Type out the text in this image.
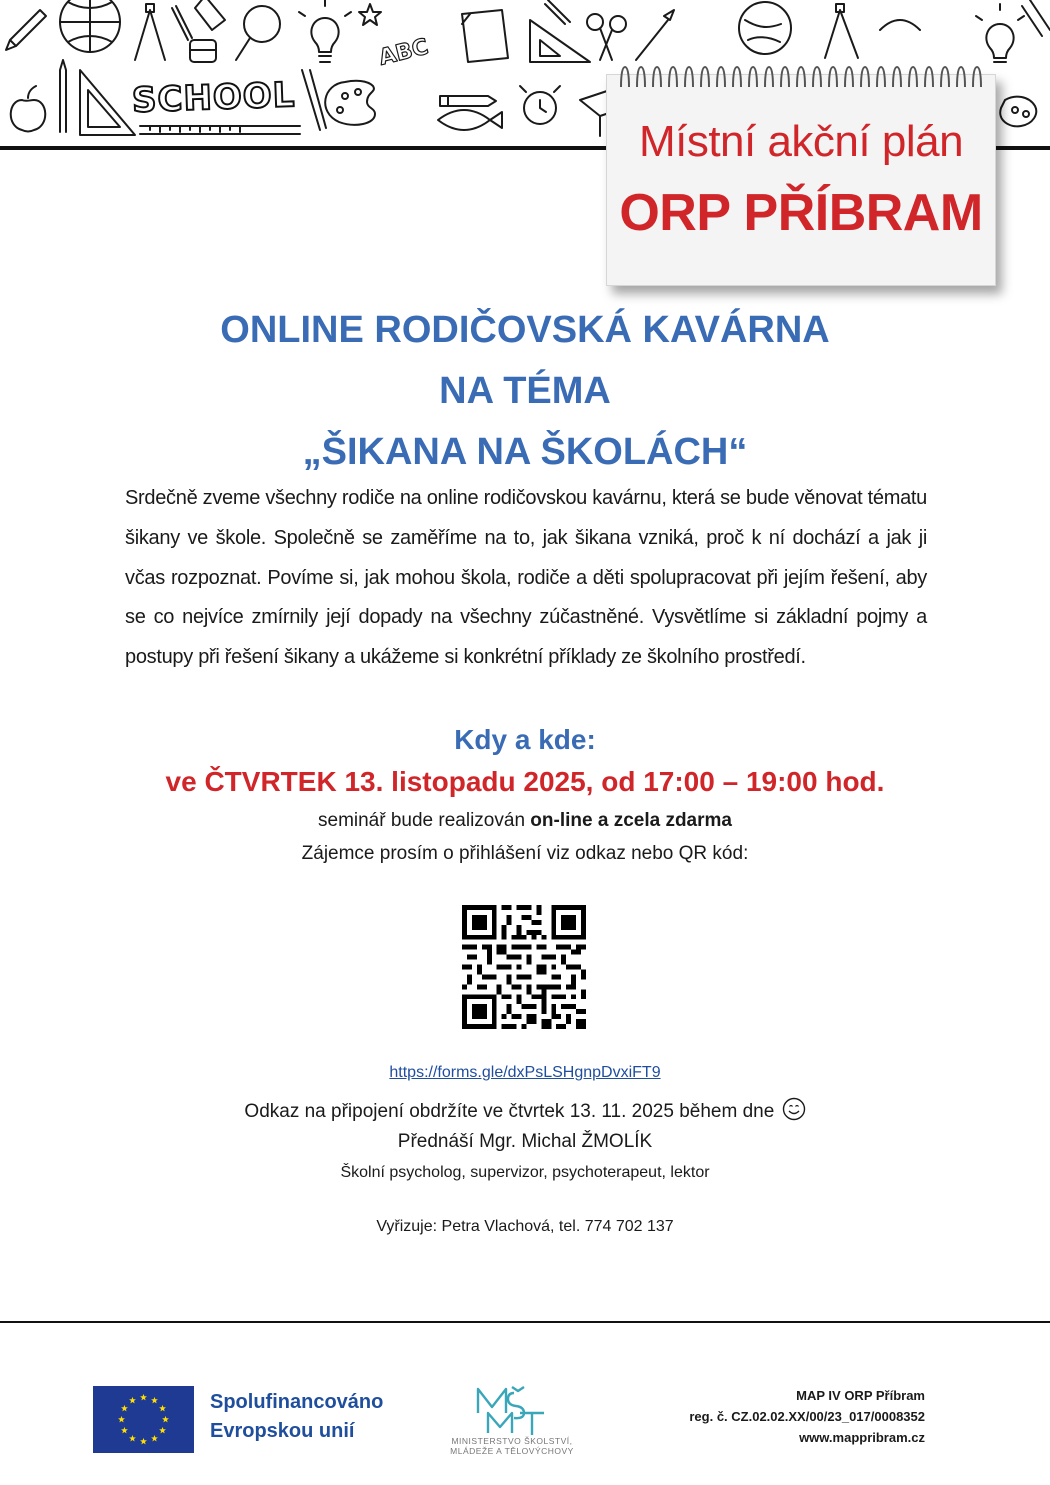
ABC
SCHOOL
Místní akční plán
ORP PŘÍBRAM
ONLINE RODIČOVSKÁ KAVÁRNA
NA TÉMA
„ŠIKANA NA ŠKOLÁCH“
Srdečně zveme všechny rodiče na online rodičovskou kavárnu, která se bude věnovat tématu šikany ve škole. Společně se zaměříme na to, jak šikana vzniká, proč k ní dochází a jak ji včas rozpoznat. Povíme si, jak mohou škola, rodiče a děti spolupracovat při jejím řešení, aby se co nejvíce zmírnily její dopady na všechny zúčastněné. Vysvětlíme si základní pojmy a postupy při řešení šikany a ukážeme si konkrétní příklady ze školního prostředí.
Kdy a kde:
ve ČTVRTEK 13. listopadu 2025, od 17:00 – 19:00 hod.
seminář bude realizován on-line a zcela zdarma
Zájemce prosím o přihlášení viz odkaz nebo QR kód:
https://forms.gle/dxPsLSHgnpDvxiFT9
Odkaz na připojení obdržíte ve čtvrtek 13. 11. 2025 během dne
Přednáší Mgr. Michal ŽMOLÍK
Školní psycholog, supervizor, psychoterapeut, lektor
Vyřizuje: Petra Vlachová, tel. 774 702 137
Spolufinancováno
Evropskou unií	MINISTERSTVO ŠKOLSTVÍ,
MLÁDEŽE A TĚLOVÝCHOVY
MAP IV ORP Příbram
reg. č. CZ.02.02.XX/00/23_017/0008352
www.mappribram.cz
